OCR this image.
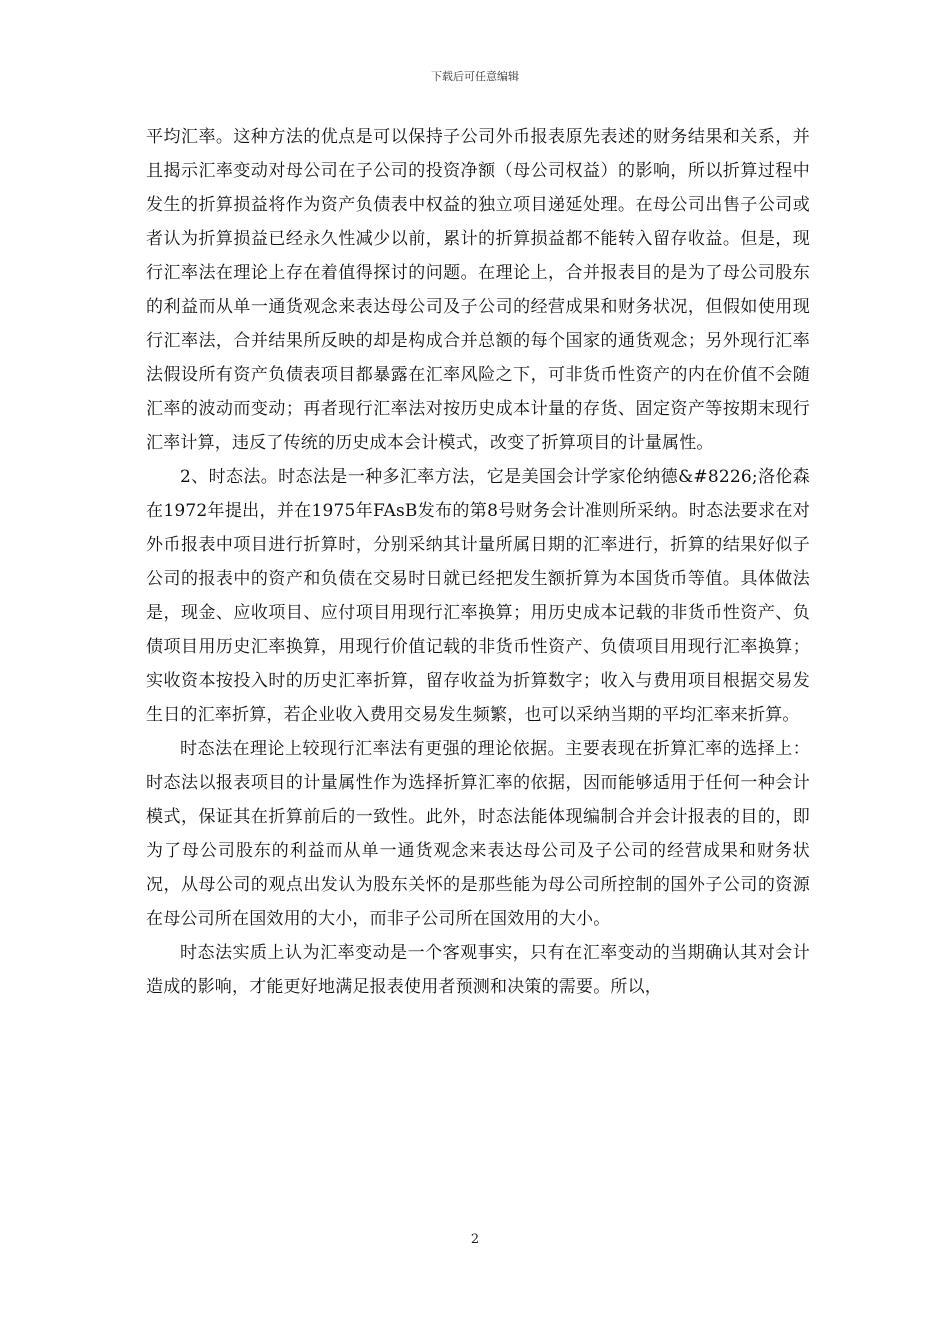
下载后可任意编辑

平均汇率。这种方法的优点是可以保持子公司外币报表原先表述的财务结果和关系，并且揭示汇率变动对母公司在子公司的投资净额（母公司权益）的影响，所以折算过程中发生的折算损益将作为资产负债表中权益的独立项目递延处理。在母公司出售子公司或者认为折算损益已经永久性减少以前，累计的折算损益都不能转入留存收益。但是，现行汇率法在理论上存在着值得探讨的问题。在理论上，合并报表目的是为了母公司股东的利益而从单一通货观念来表达母公司及子公司的经营成果和财务状况，但假如使用现行汇率法，合并结果所反映的却是构成合并总额的每个国家的通货观念；另外现行汇率法假设所有资产负债表项目都暴露在汇率风险之下，可非货币性资产的内在价值不会随汇率的波动而变动；再者现行汇率法对按历史成本计量的存货、固定资产等按期末现行汇率计算，违反了传统的历史成本会计模式，改变了折算项目的计量属性。

2、时态法。时态法是一种多汇率方法，它是美国会计学家伦纳德&#8226;洛伦森在1972年提出，并在1975年FAsB发布的第8号财务会计准则所采纳。时态法要求在对外币报表中项目进行折算时，分别采纳其计量所属日期的汇率进行，折算的结果好似子公司的报表中的资产和负债在交易时日就已经把发生额折算为本国货币等值。具体做法是，现金、应收项目、应付项目用现行汇率换算；用历史成本记载的非货币性资产、负债项目用历史汇率换算，用现行价值记载的非货币性资产、负债项目用现行汇率换算；实收资本按投入时的历史汇率折算，留存收益为折算数字；收入与费用项目根据交易发生日的汇率折算，若企业收入费用交易发生频繁，也可以采纳当期的平均汇率来折算。

时态法在理论上较现行汇率法有更强的理论依据。主要表现在折算汇率的选择上：时态法以报表项目的计量属性作为选择折算汇率的依据，因而能够适用于任何一种会计模式，保证其在折算前后的一致性。此外，时态法能体现编制合并会计报表的目的，即为了母公司股东的利益而从单一通货观念来表达母公司及子公司的经营成果和财务状况，从母公司的观点出发认为股东关怀的是那些能为母公司所控制的国外子公司的资源在母公司所在国效用的大小，而非子公司所在国效用的大小。

时态法实质上认为汇率变动是一个客观事实，只有在汇率变动的当期确认其对会计造成的影响，才能更好地满足报表使用者预测和决策的需要。所以，

2
